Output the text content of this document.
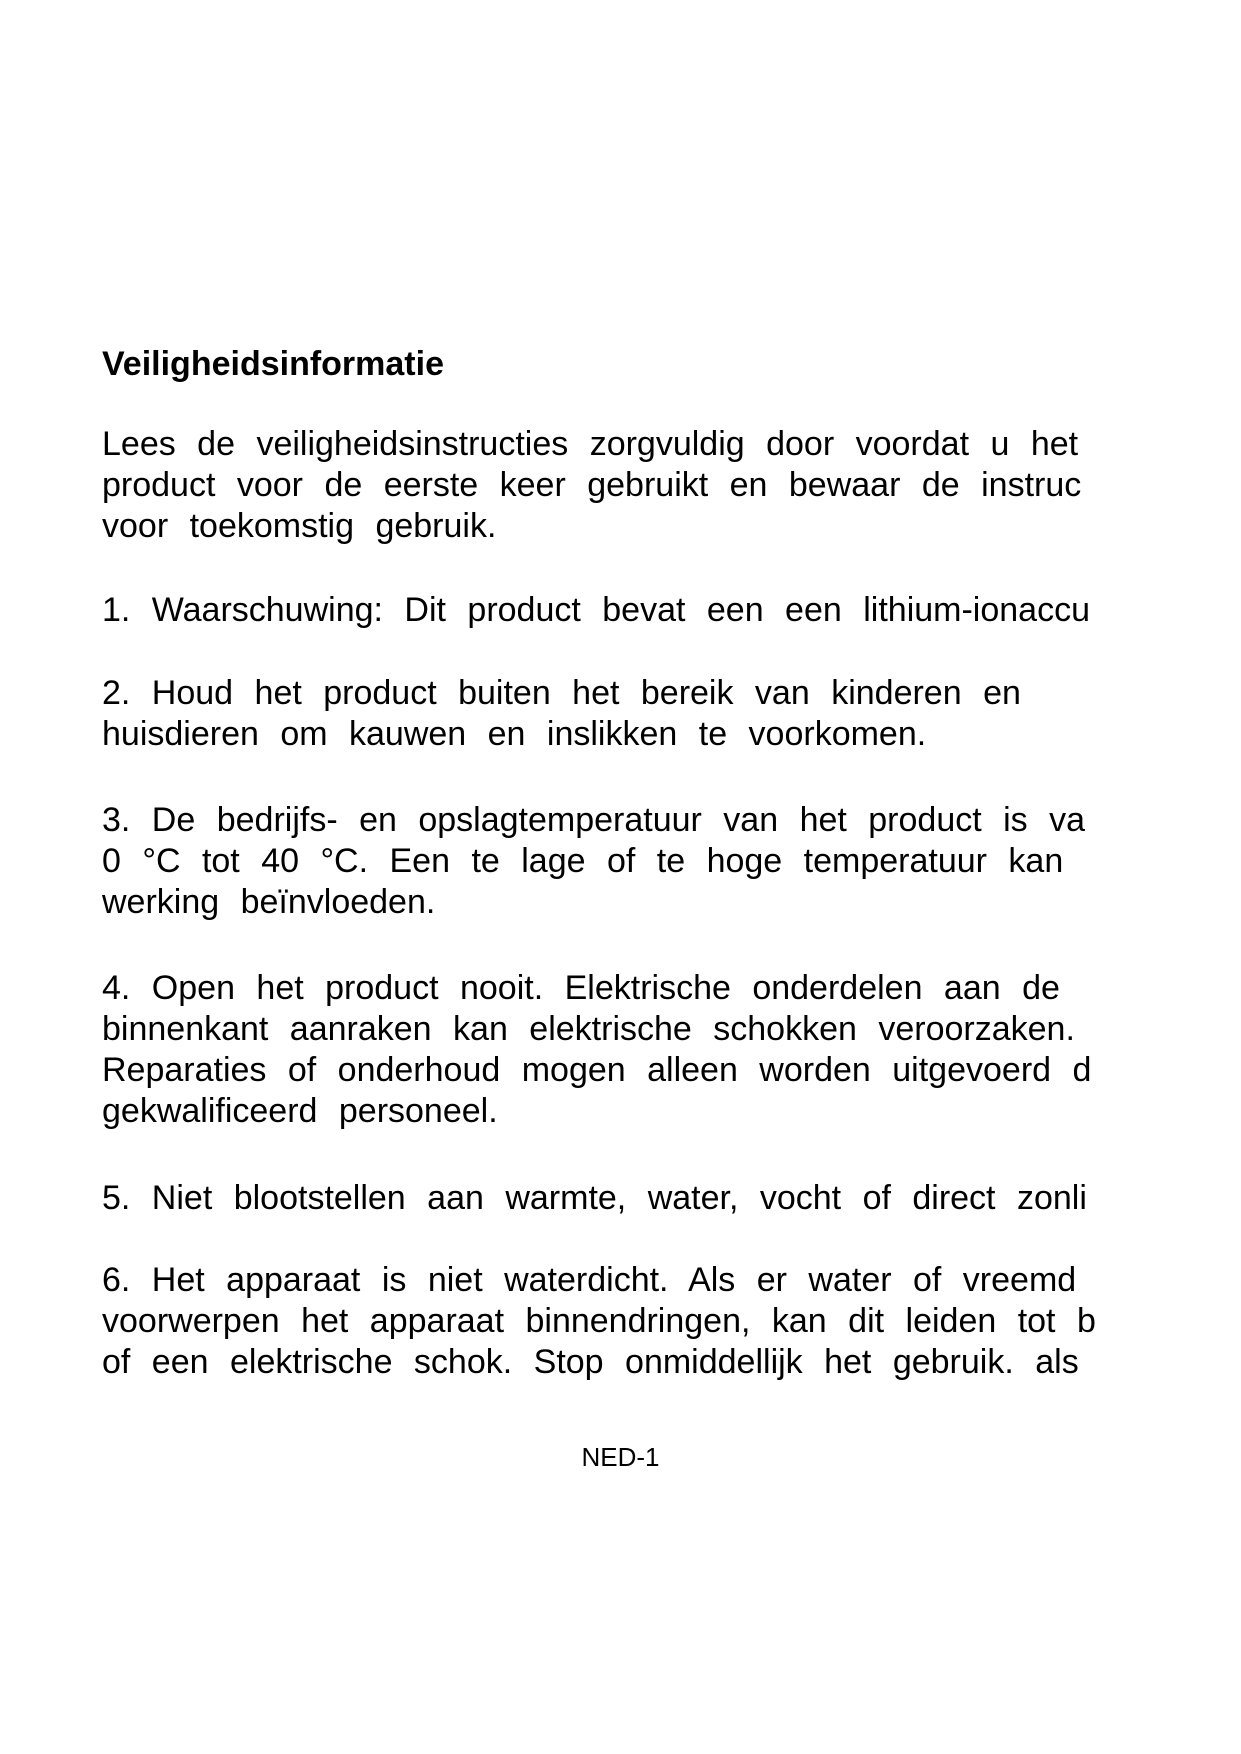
Veiligheidsinformatie
Lees de veiligheidsinstructies zorgvuldig door voordat u het
product voor de eerste keer gebruikt en bewaar de instruc
voor toekomstig gebruik.
1. Waarschuwing: Dit product bevat een een lithium-ionaccu
2. Houd het product buiten het bereik van kinderen en
huisdieren om kauwen en inslikken te voorkomen.
3. De bedrijfs- en opslagtemperatuur van het product is va
0 °C tot 40 °C. Een te lage of te hoge temperatuur kan
werking beïnvloeden.
4. Open het product nooit. Elektrische onderdelen aan de
binnenkant aanraken kan elektrische schokken veroorzaken.
Reparaties of onderhoud mogen alleen worden uitgevoerd d
gekwalificeerd personeel.
5. Niet blootstellen aan warmte, water, vocht of direct zonli
6. Het apparaat is niet waterdicht. Als er water of vreemd
voorwerpen het apparaat binnendringen, kan dit leiden tot b
of een elektrische schok. Stop onmiddellijk het gebruik. als
NED-1
